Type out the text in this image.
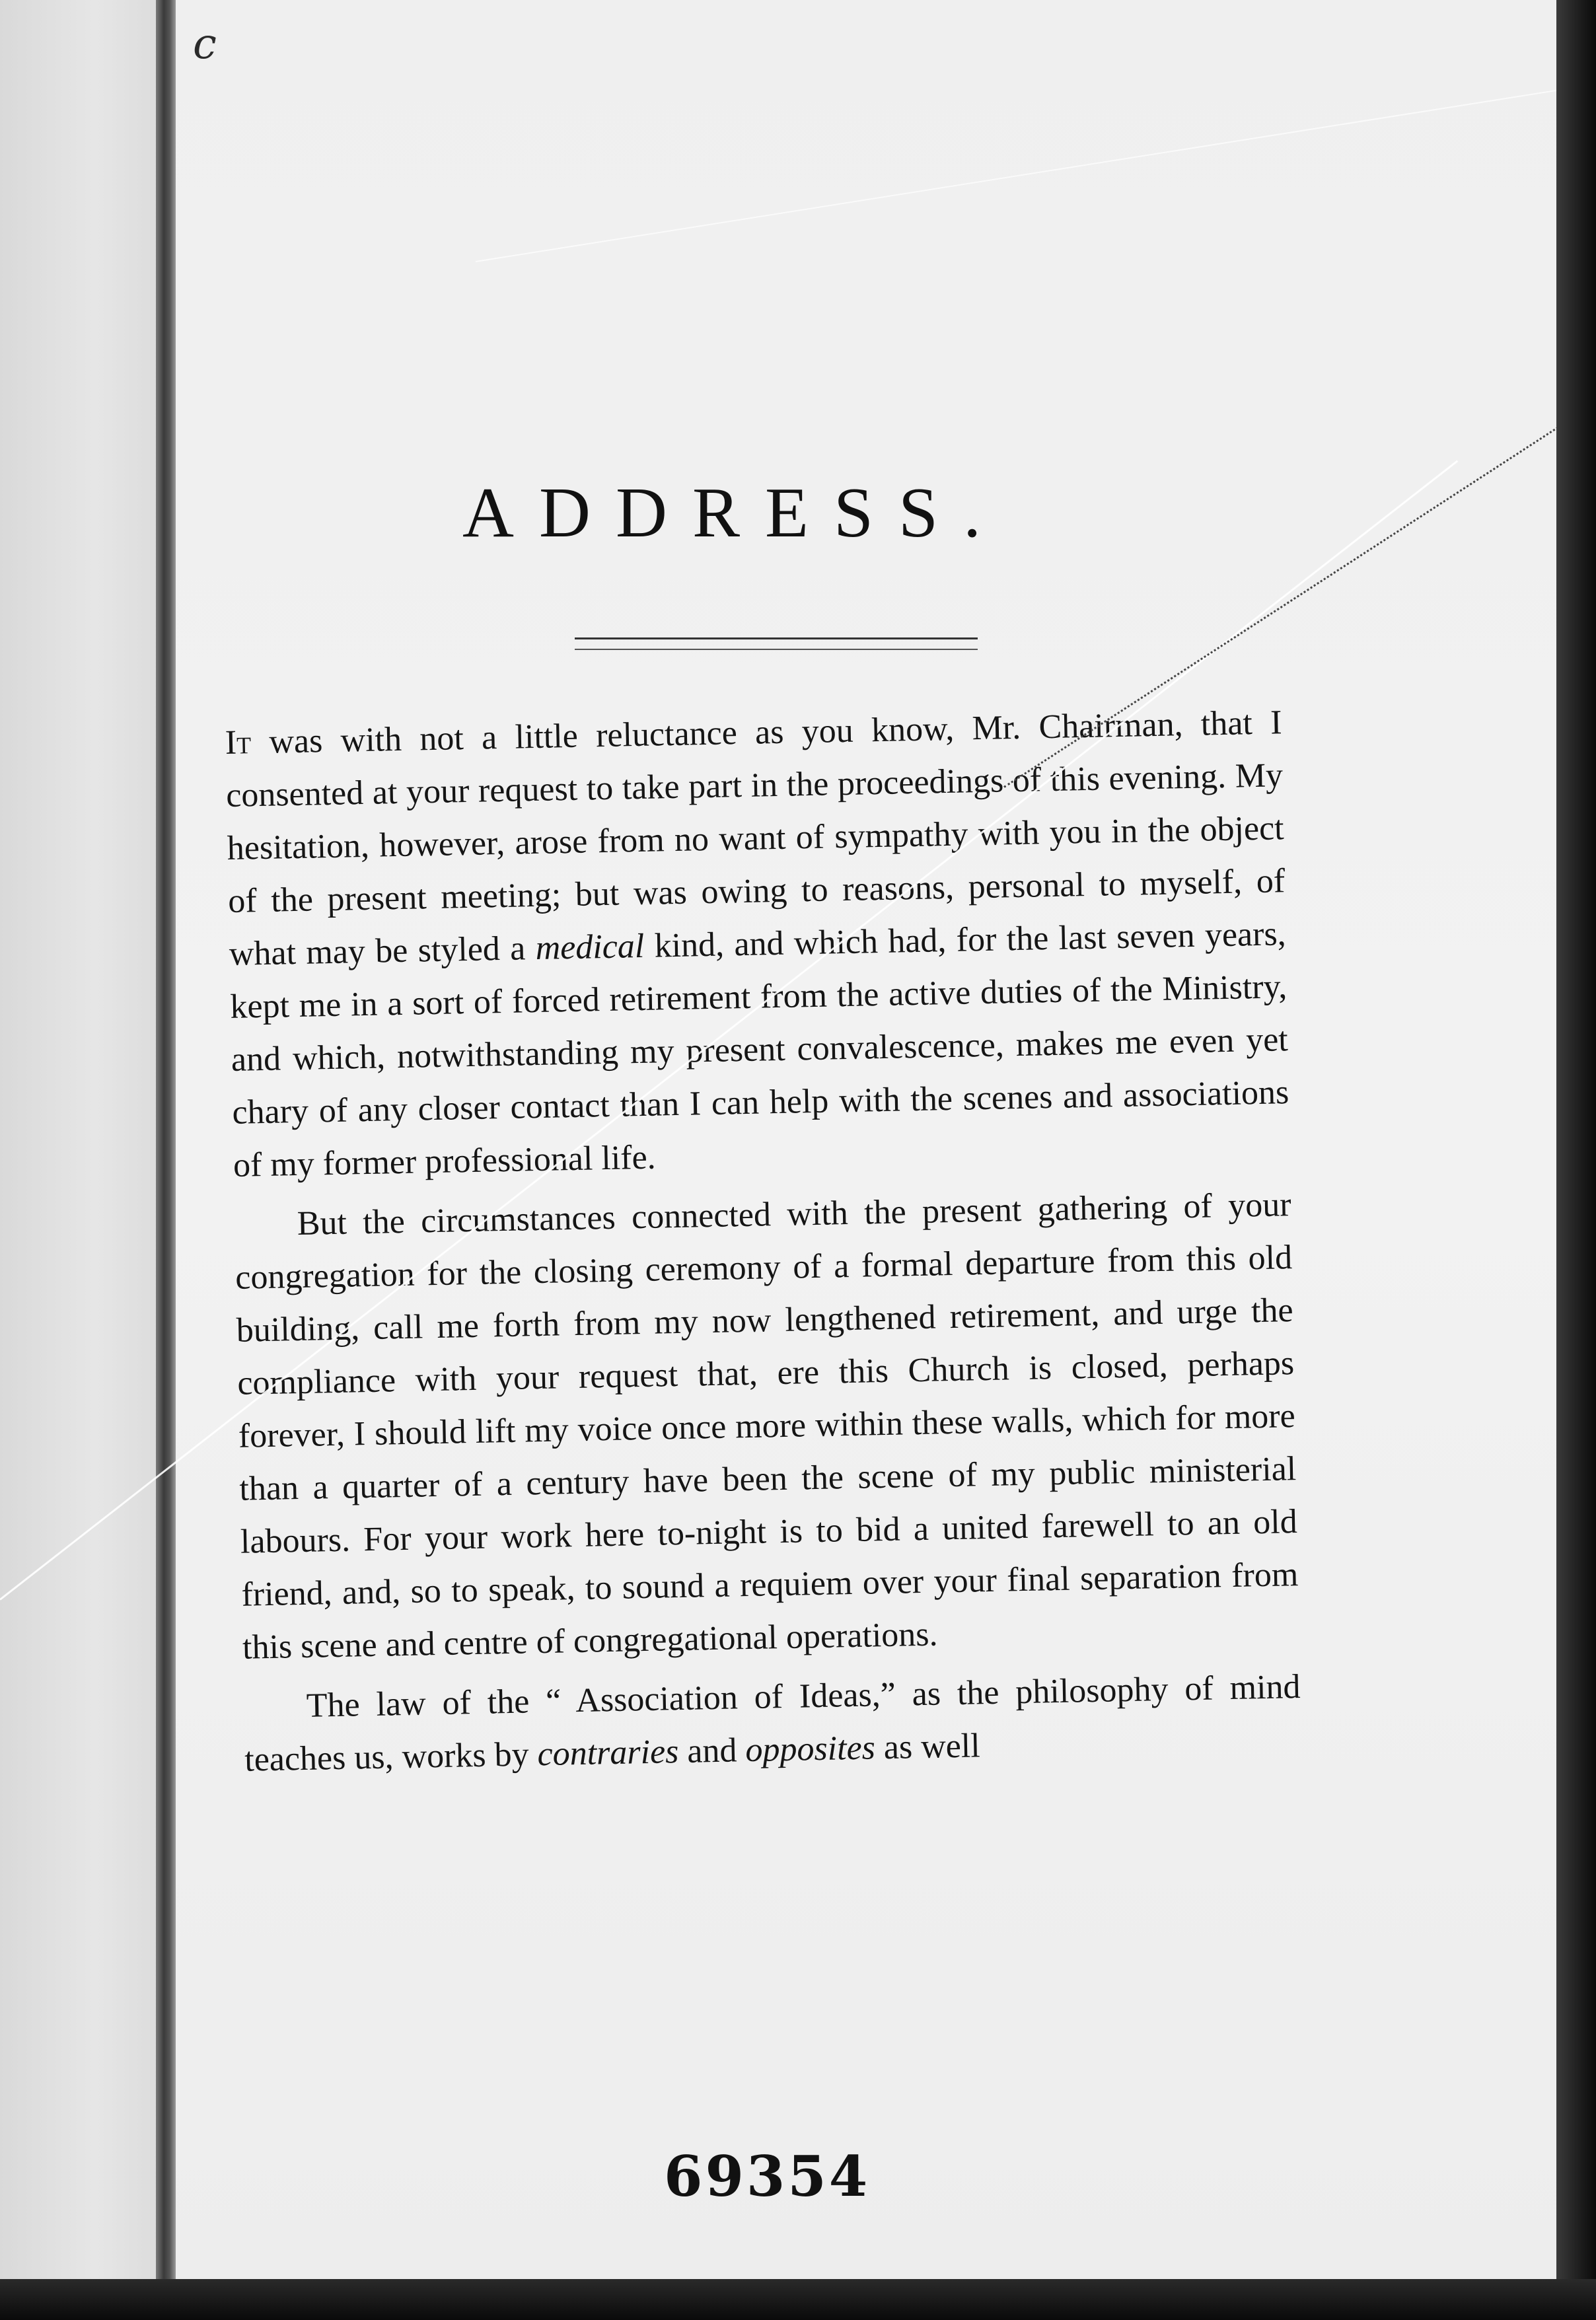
c
ADDRESS.

It was with not a little reluctance as you know, Mr. Chairman, that I consented at your request to take part in the proceedings of this evening. My hesitation, however, arose from no want of sympathy with you in the object of the present meeting; but was owing to reasons, personal to myself, of what may be styled a medical kind, and which had, for the last seven years, kept me in a sort of forced retirement from the active duties of the Ministry, and which, notwithstanding my present convalescence, makes me even yet chary of any closer contact than I can help with the scenes and associations of my former professional life.

But the circumstances connected with the present gathering of your congregation for the closing ceremony of a formal departure from this old building, call me forth from my now lengthened retirement, and urge the compliance with your request that, ere this Church is closed, perhaps forever, I should lift my voice once more within these walls, which for more than a quarter of a century have been the scene of my public ministerial labours. For your work here to-night is to bid a united farewell to an old friend, and, so to speak, to sound a requiem over your final separation from this scene and centre of congregational operations.

The law of the “ Association of Ideas,” as the philosophy of mind teaches us, works by contraries and opposites as well

69354
